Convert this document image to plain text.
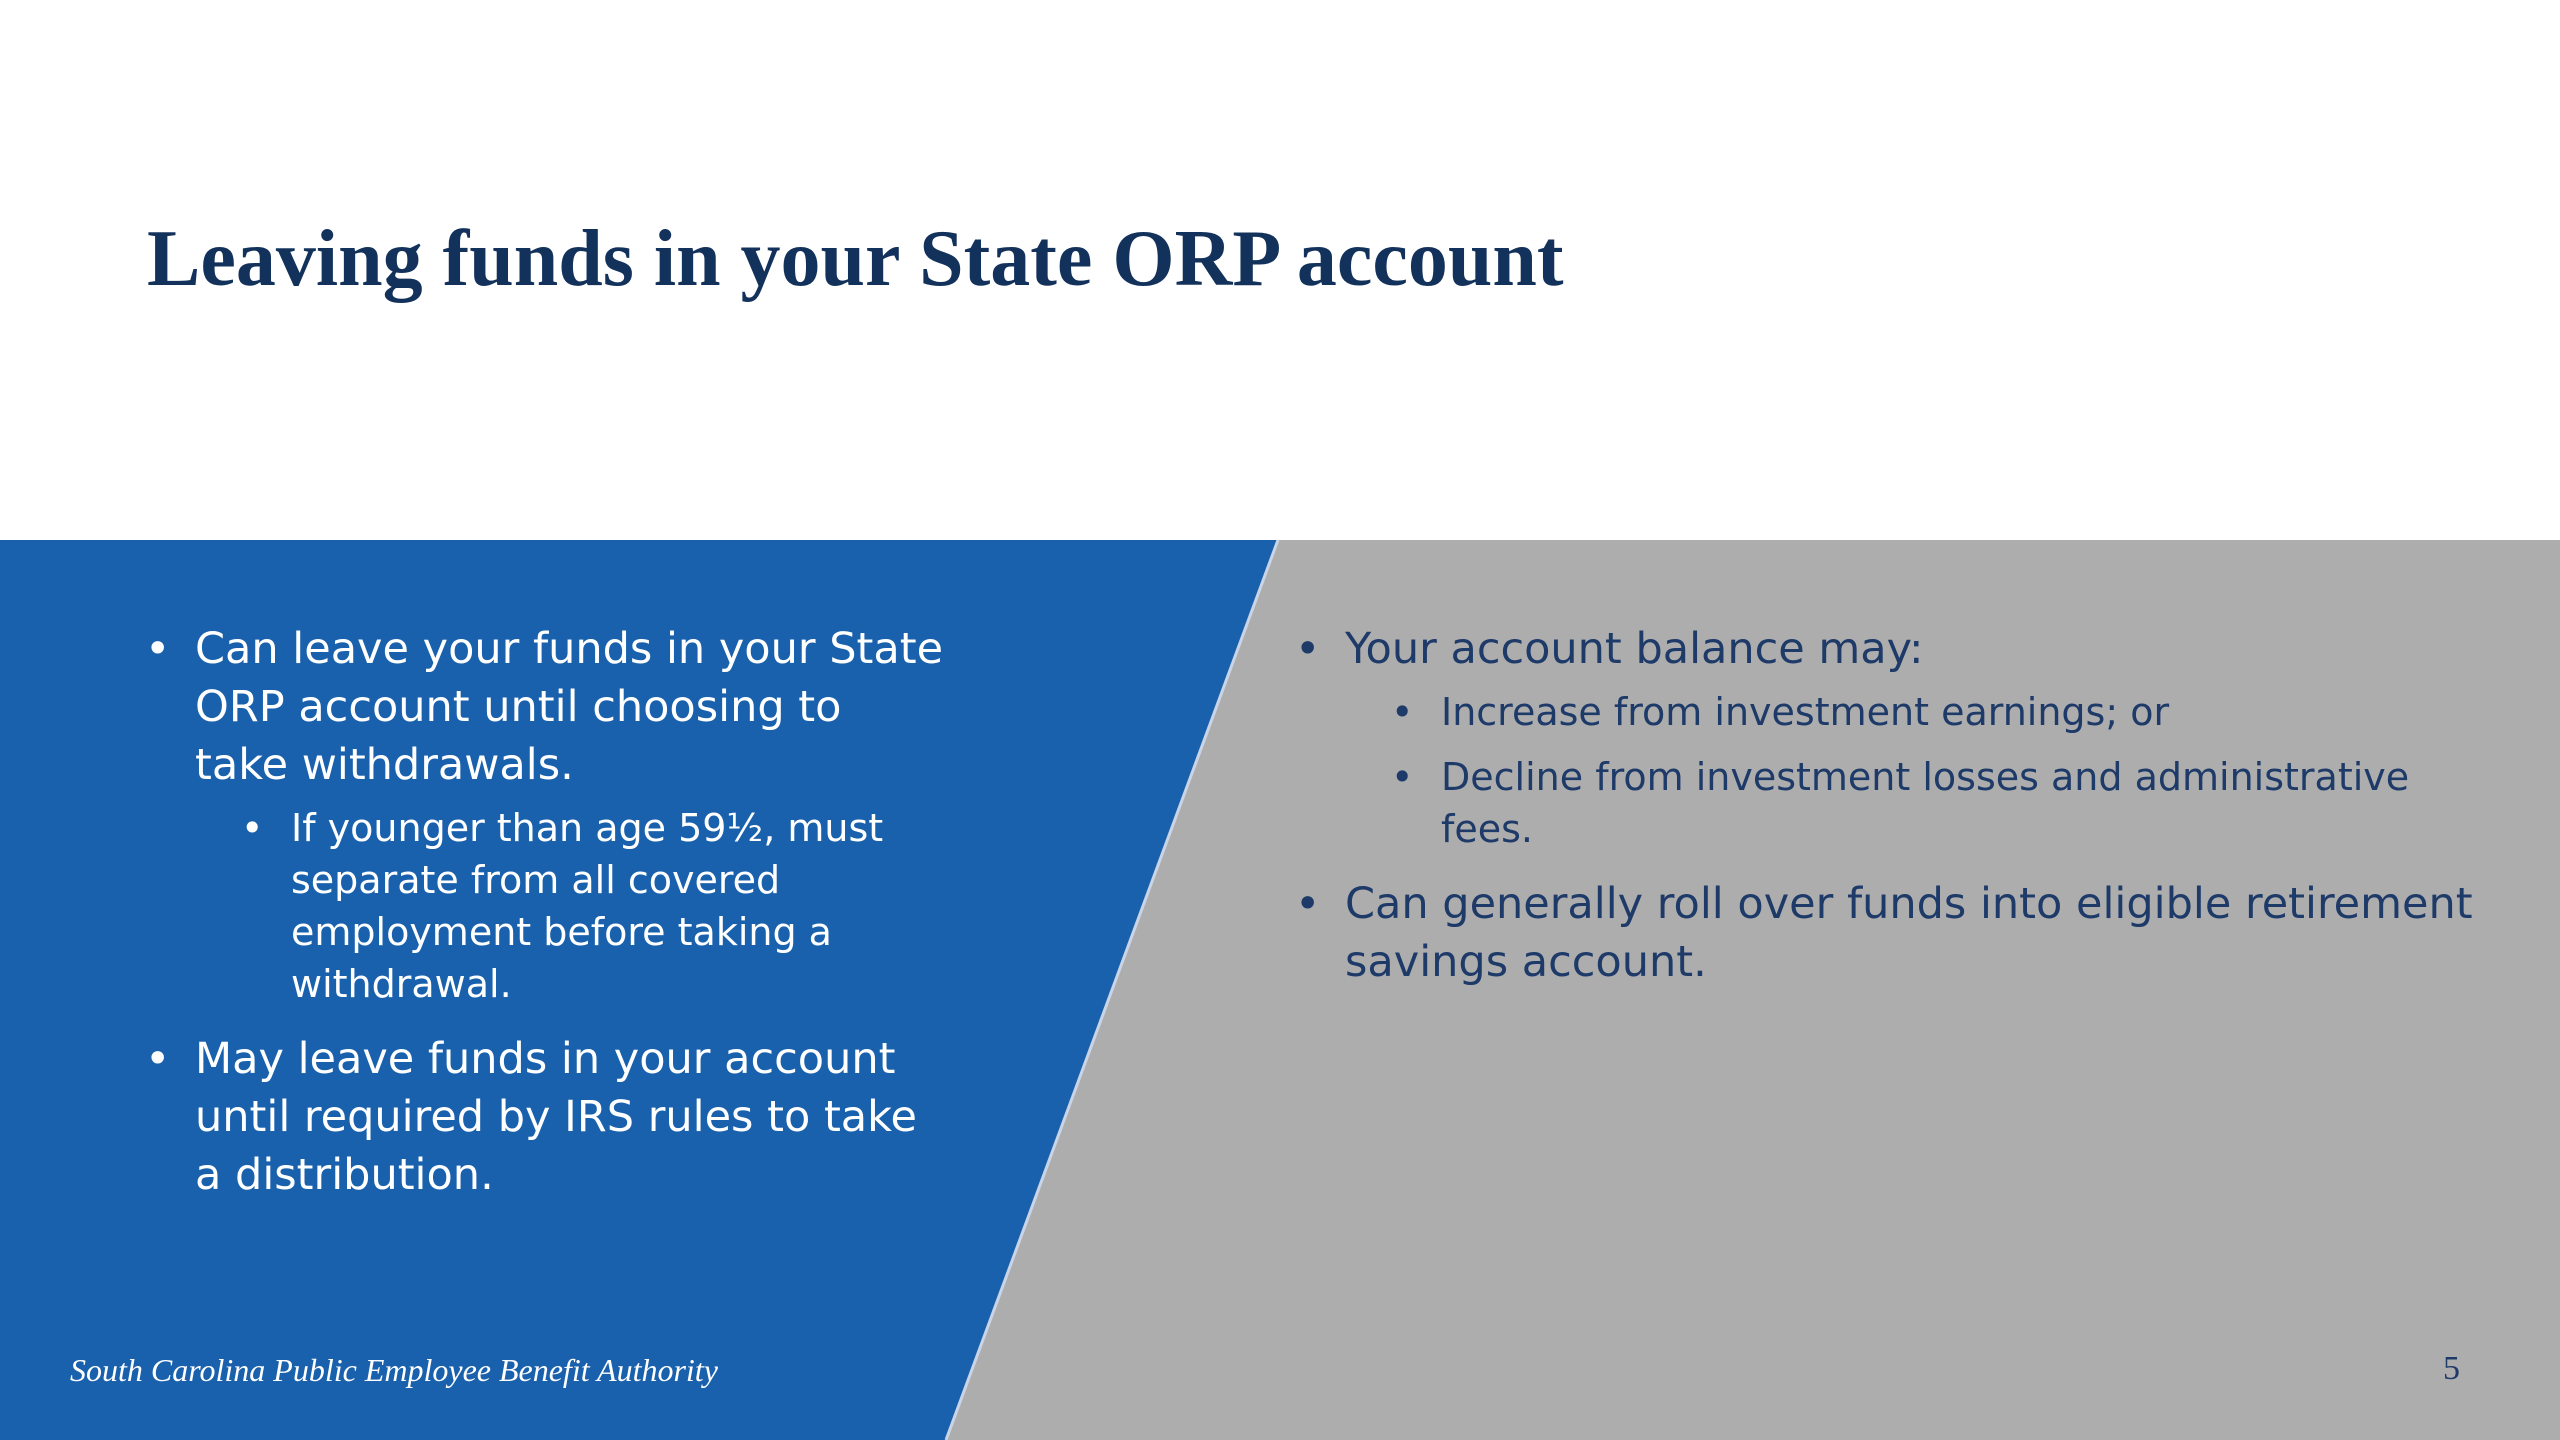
Leaving funds in your State ORP account
• Can leave your funds in your State ORP account until choosing to take withdrawals.
• If younger than age 59½, must separate from all covered employment before taking a withdrawal.
• May leave funds in your account until required by IRS rules to take a distribution.
• Your account balance may:
• Increase from investment earnings; or
• Decline from investment losses and administrative fees.
• Can generally roll over funds into eligible retirement savings account.
South Carolina Public Employee Benefit Authority	5
